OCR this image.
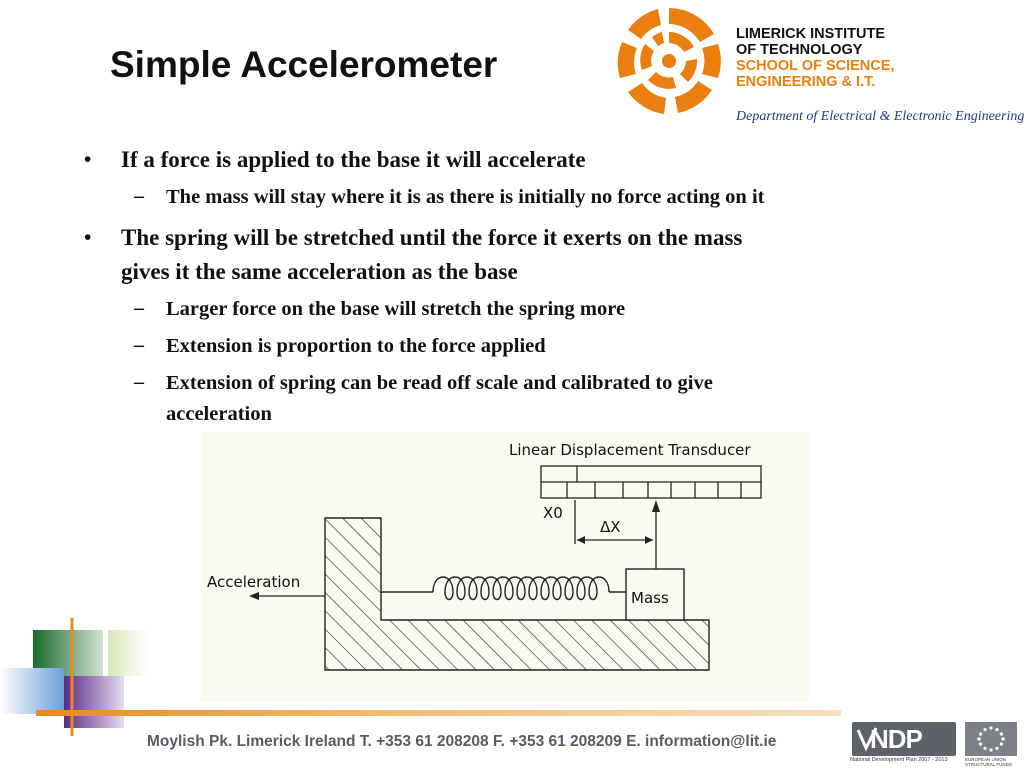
Simple Accelerometer
LIMERICK INSTITUTE
OF TECHNOLOGY
SCHOOL OF SCIENCE,
ENGINEERING & I.T.
Department of Electrical & Electronic Engineering
• If a force is applied to the base it will accelerate
– The mass will stay where it is as there is initially no force acting on it
• The spring will be stretched until the force it exerts on the mass
gives it the same acceleration as the base
– Larger force on the base will stretch the spring more
– Extension is proportion to the force applied
– Extension of spring can be read off scale and calibrated to give
acceleration
Linear Displacement Transducer
X0
ΔX
Mass
Acceleration
Moylish Pk. Limerick Ireland T. +353 61 208208 F. +353 61 208209 E. information@lit.ie	NDP
National Development Plan 2007 - 2013	EUROPEAN UNION
STRUCTURAL FUNDS
